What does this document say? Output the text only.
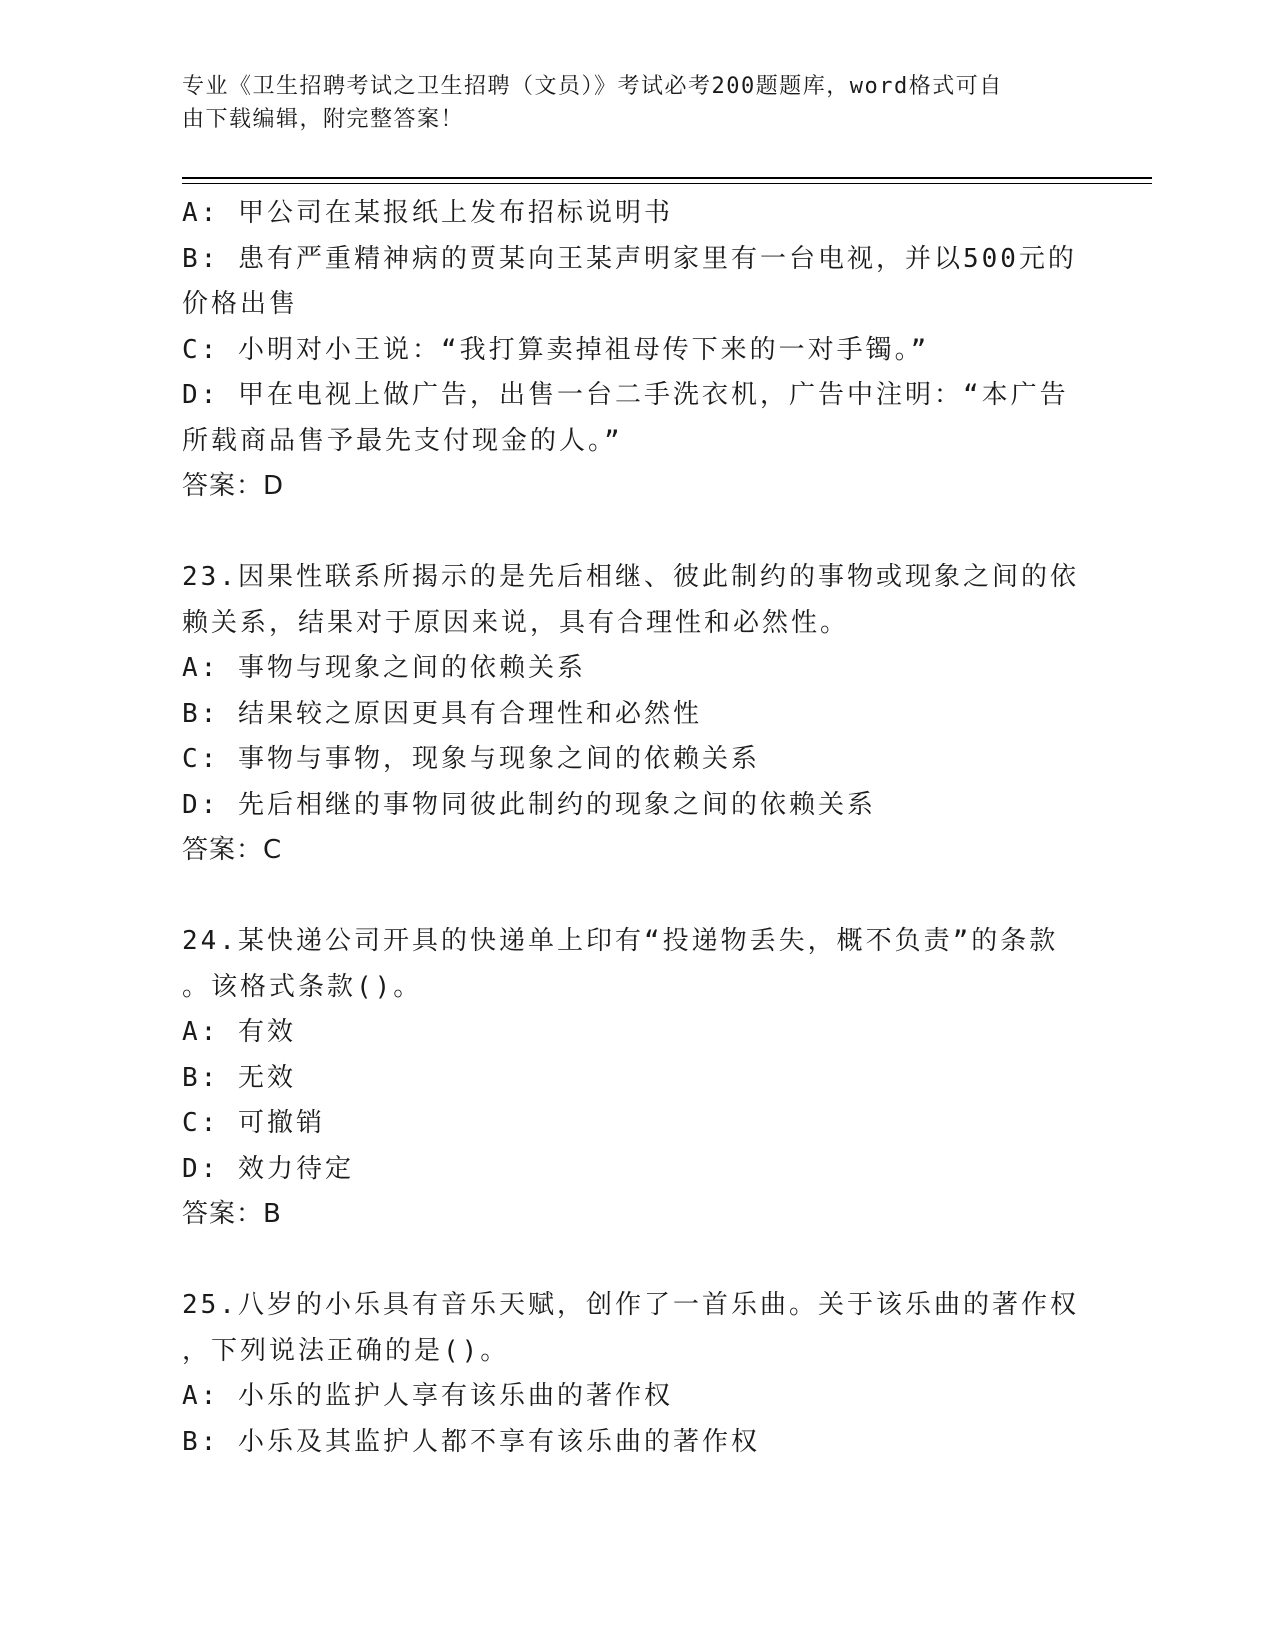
专业《卫生招聘考试之卫生招聘（文员）》考试必考200题题库，word格式可自
由下载编辑，附完整答案！
A: 甲公司在某报纸上发布招标说明书
B: 患有严重精神病的贾某向王某声明家里有一台电视，并以500元的
价格出售
C: 小明对小王说：“我打算卖掉祖母传下来的一对手镯。”
D: 甲在电视上做广告，出售一台二手洗衣机，广告中注明：“本广告
所载商品售予最先支付现金的人。”
答案：D
23.因果性联系所揭示的是先后相继、彼此制约的事物或现象之间的依
赖关系，结果对于原因来说，具有合理性和必然性。
A: 事物与现象之间的依赖关系
B: 结果较之原因更具有合理性和必然性
C: 事物与事物，现象与现象之间的依赖关系
D: 先后相继的事物同彼此制约的现象之间的依赖关系
答案：C
24.某快递公司开具的快递单上印有“投递物丢失，概不负责”的条款
。该格式条款()。
A: 有效
B: 无效
C: 可撤销
D: 效力待定
答案：B
25.八岁的小乐具有音乐天赋，创作了一首乐曲。关于该乐曲的著作权
，下列说法正确的是()。
A: 小乐的监护人享有该乐曲的著作权
B: 小乐及其监护人都不享有该乐曲的著作权
